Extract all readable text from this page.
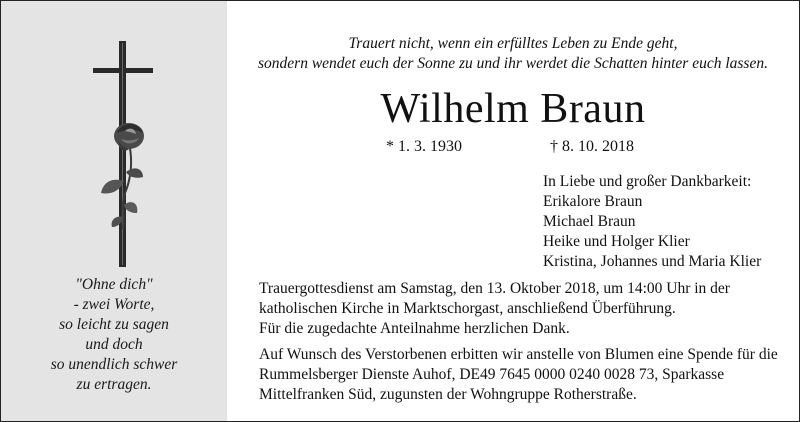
"Ohne dich"
- zwei Worte,
so leicht zu sagen
und doch
so unendlich schwer
zu ertragen.
Trauert nicht, wenn ein erfülltes Leben zu Ende geht,
sondern wendet euch der Sonne zu und ihr werdet die Schatten hinter euch lassen.
Wilhelm Braun
* 1. 3. 1930	† 8. 10. 2018
In Liebe und großer Dankbarkeit:
Erikalore Braun
Michael Braun
Heike und Holger Klier
Kristina, Johannes und Maria Klier
Trauergottesdienst am Samstag, den 13. Oktober 2018, um 14:00 Uhr in der
katholischen Kirche in Marktschorgast, anschließend Überführung.
Für die zugedachte Anteilnahme herzlichen Dank.
Auf Wunsch des Verstorbenen erbitten wir anstelle von Blumen eine Spende für die
Rummelsberger Dienste Auhof, DE49 7645 0000 0240 0028 73, Sparkasse
Mittelfranken Süd, zugunsten der Wohngruppe Rotherstraße.
